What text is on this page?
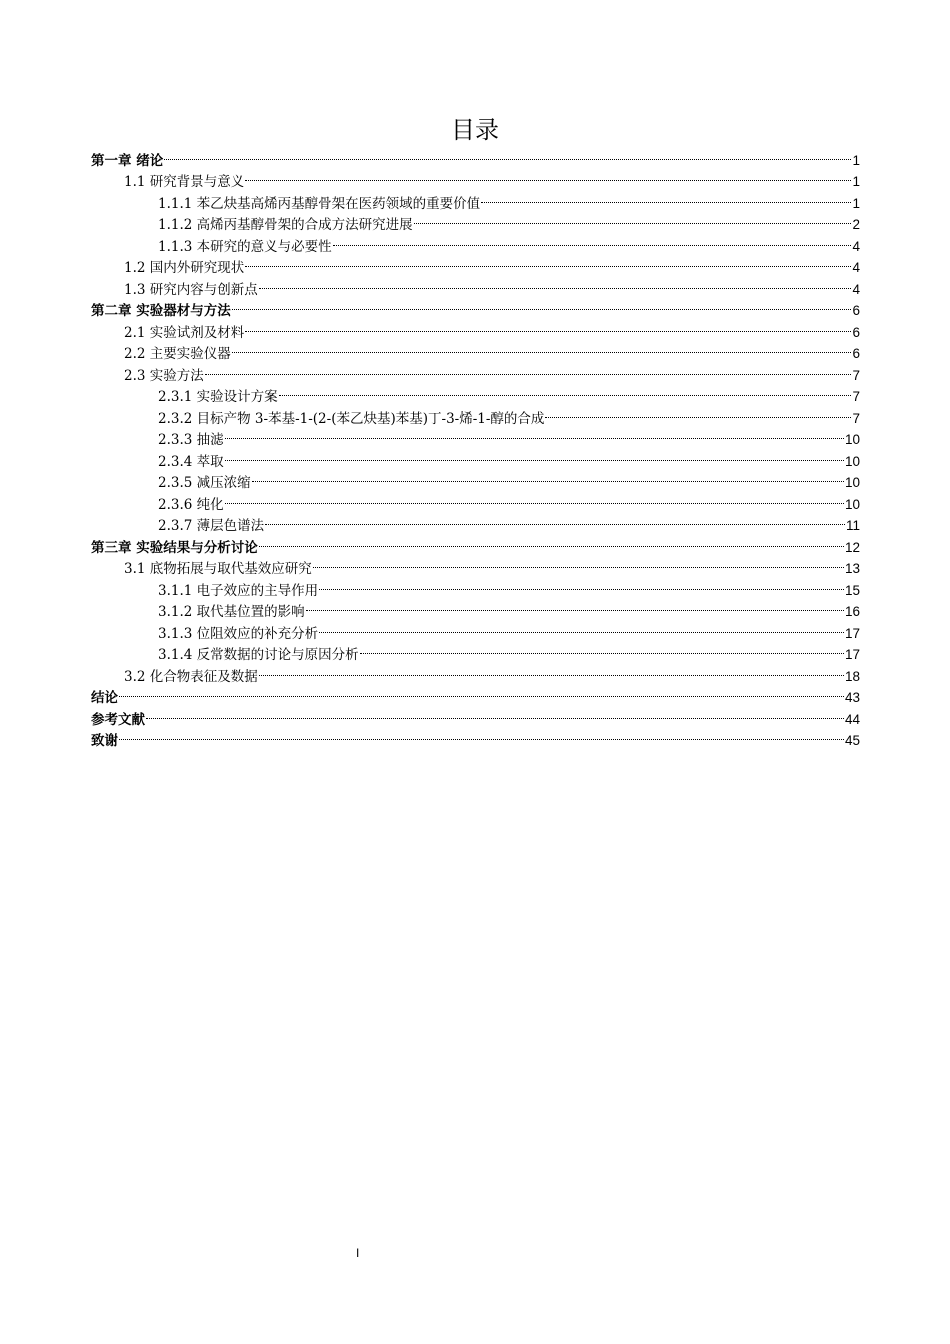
目录
第一章 绪论	1
1.1 研究背景与意义	1
1.1.1 苯乙炔基高烯丙基醇骨架在医药领域的重要价值	1
1.1.2 高烯丙基醇骨架的合成方法研究进展	2
1.1.3 本研究的意义与必要性	4
1.2 国内外研究现状	4
1.3 研究内容与创新点	4
第二章 实验器材与方法	6
2.1 实验试剂及材料	6
2.2 主要实验仪器	6
2.3 实验方法	7
2.3.1 实验设计方案	7
2.3.2 目标产物 3-苯基-1-(2-(苯乙炔基)苯基)丁-3-烯-1-醇的合成	7
2.3.3 抽滤	10
2.3.4 萃取	10
2.3.5 减压浓缩	10
2.3.6 纯化	10
2.3.7 薄层色谱法	11
第三章 实验结果与分析讨论	12
3.1 底物拓展与取代基效应研究	13
3.1.1 电子效应的主导作用	15
3.1.2 取代基位置的影响	16
3.1.3 位阻效应的补充分析	17
3.1.4 反常数据的讨论与原因分析	17
3.2 化合物表征及数据	18
结论	43
参考文献	44
致谢	45
I
